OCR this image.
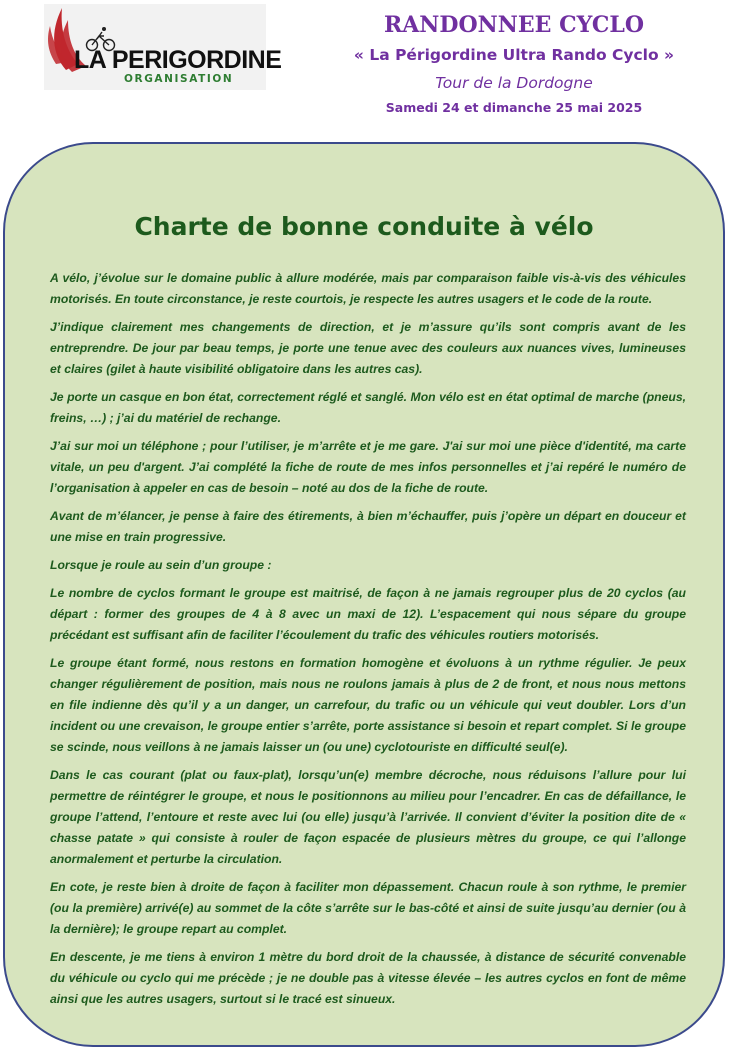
LA PERIGORDINE
ORGANISATION
RANDONNEE CYCLO
« La Périgordine Ultra Rando Cyclo »
Tour de la Dordogne
Samedi 24 et dimanche 25 mai 2025
Charte de bonne conduite à vélo

A vélo, j’évolue sur le domaine public à allure modérée, mais par comparaison faible vis-à-vis des véhicules motorisés. En toute circonstance, je reste courtois, je respecte les autres usagers et le code de la route.

J’indique clairement mes changements de direction, et je m’assure qu’ils sont compris avant de les entreprendre. De jour par beau temps, je porte une tenue avec des couleurs aux nuances vives, lumineuses et claires (gilet à haute visibilité obligatoire dans les autres cas).

Je porte un casque en bon état, correctement réglé et sanglé. Mon vélo est en état optimal de marche (pneus, freins, …) ; j’ai du matériel de rechange.

J’ai sur moi un téléphone ; pour l’utiliser, je m’arrête et je me gare. J'ai sur moi une pièce d'identité, ma carte vitale, un peu d'argent. J’ai complété la fiche de route de mes infos personnelles et j’ai repéré le numéro de l’organisation à appeler en cas de besoin – noté au dos de la fiche de route.

Avant de m’élancer, je pense à faire des étirements, à bien m’échauffer, puis j’opère un départ en douceur et une mise en train progressive.

Lorsque je roule au sein d’un groupe :

Le nombre de cyclos formant le groupe est maitrisé, de façon à ne jamais regrouper plus de 20 cyclos (au départ : former des groupes de 4 à 8 avec un maxi de 12). L’espacement qui nous sépare du groupe précédant est suffisant afin de faciliter l’écoulement du trafic des véhicules routiers motorisés.

Le groupe étant formé, nous restons en formation homogène et évoluons à un rythme régulier. Je peux changer régulièrement de position, mais nous ne roulons jamais à plus de 2 de front, et nous nous mettons en file indienne dès qu’il y a un danger, un carrefour, du trafic ou un véhicule qui veut doubler. Lors d’un incident ou une crevaison, le groupe entier s’arrête, porte assistance si besoin et repart complet. Si le groupe se scinde, nous veillons à ne jamais laisser un (ou une) cyclotouriste en difficulté seul(e).

Dans le cas courant (plat ou faux-plat), lorsqu’un(e) membre décroche, nous réduisons l’allure pour lui permettre de réintégrer le groupe, et nous le positionnons au milieu pour l’encadrer. En cas de défaillance, le groupe l’attend, l’entoure et reste avec lui (ou elle) jusqu’à l’arrivée. Il convient d’éviter la position dite de « chasse patate » qui consiste à rouler de façon espacée de plusieurs mètres du groupe, ce qui l’allonge anormalement et perturbe la circulation.

En cote, je reste bien à droite de façon à faciliter mon dépassement. Chacun roule à son rythme, le premier (ou la première) arrivé(e) au sommet de la côte s’arrête sur le bas-côté et ainsi de suite jusqu’au dernier (ou à la dernière); le groupe repart au complet.

En descente, je me tiens à environ 1 mètre du bord droit de la chaussée, à distance de sécurité convenable du véhicule ou cyclo qui me précède ; je ne double pas à vitesse élevée – les autres cyclos en font de même ainsi que les autres usagers, surtout si le tracé est sinueux.
